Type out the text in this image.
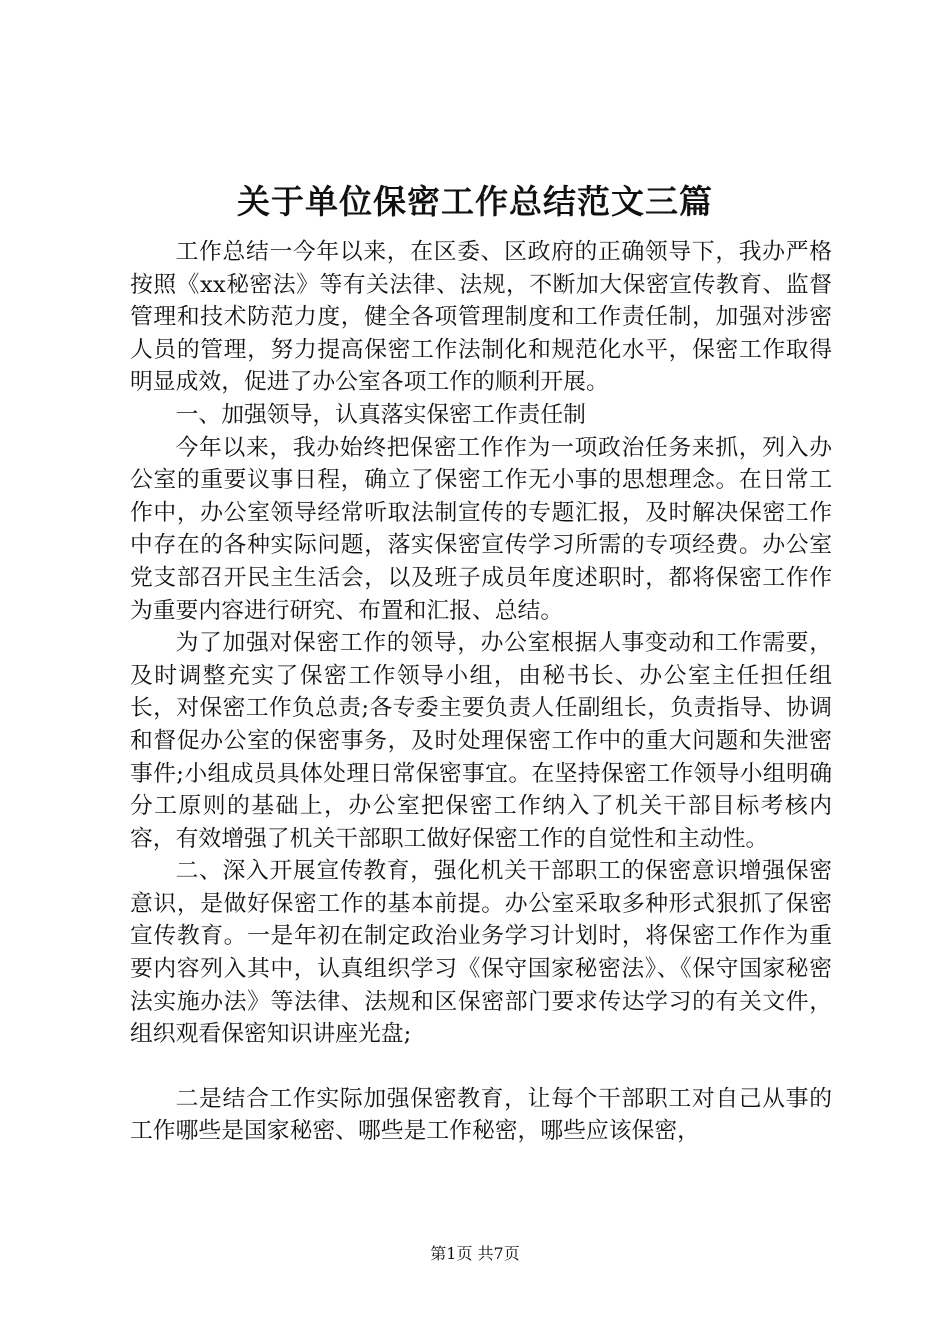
关于单位保密工作总结范文三篇

工作总结一今年以来，在区委、区政府的正确领导下，我办严格按照《xx秘密法》等有关法律、法规，不断加大保密宣传教育、监督管理和技术防范力度，健全各项管理制度和工作责任制，加强对涉密人员的管理，努力提高保密工作法制化和规范化水平，保密工作取得明显成效，促进了办公室各项工作的顺利开展。

一、加强领导，认真落实保密工作责任制

今年以来，我办始终把保密工作作为一项政治任务来抓，列入办公室的重要议事日程，确立了保密工作无小事的思想理念。在日常工作中，办公室领导经常听取法制宣传的专题汇报，及时解决保密工作中存在的各种实际问题，落实保密宣传学习所需的专项经费。办公室党支部召开民主生活会，以及班子成员年度述职时，都将保密工作作为重要内容进行研究、布置和汇报、总结。

为了加强对保密工作的领导，办公室根据人事变动和工作需要，及时调整充实了保密工作领导小组，由秘书长、办公室主任担任组长，对保密工作负总责;各专委主要负责人任副组长，负责指导、协调和督促办公室的保密事务，及时处理保密工作中的重大问题和失泄密事件;小组成员具体处理日常保密事宜。在坚持保密工作领导小组明确分工原则的基础上，办公室把保密工作纳入了机关干部目标考核内容，有效增强了机关干部职工做好保密工作的自觉性和主动性。

二、深入开展宣传教育，强化机关干部职工的保密意识增强保密意识，是做好保密工作的基本前提。办公室采取多种形式狠抓了保密宣传教育。一是年初在制定政治业务学习计划时，将保密工作作为重要内容列入其中，认真组织学习《保守国家秘密法》、《保守国家秘密法实施办法》等法律、法规和区保密部门要求传达学习的有关文件，组织观看保密知识讲座光盘;

二是结合工作实际加强保密教育，让每个干部职工对自己从事的工作哪些是国家秘密、哪些是工作秘密，哪些应该保密，

第1页 共7页
